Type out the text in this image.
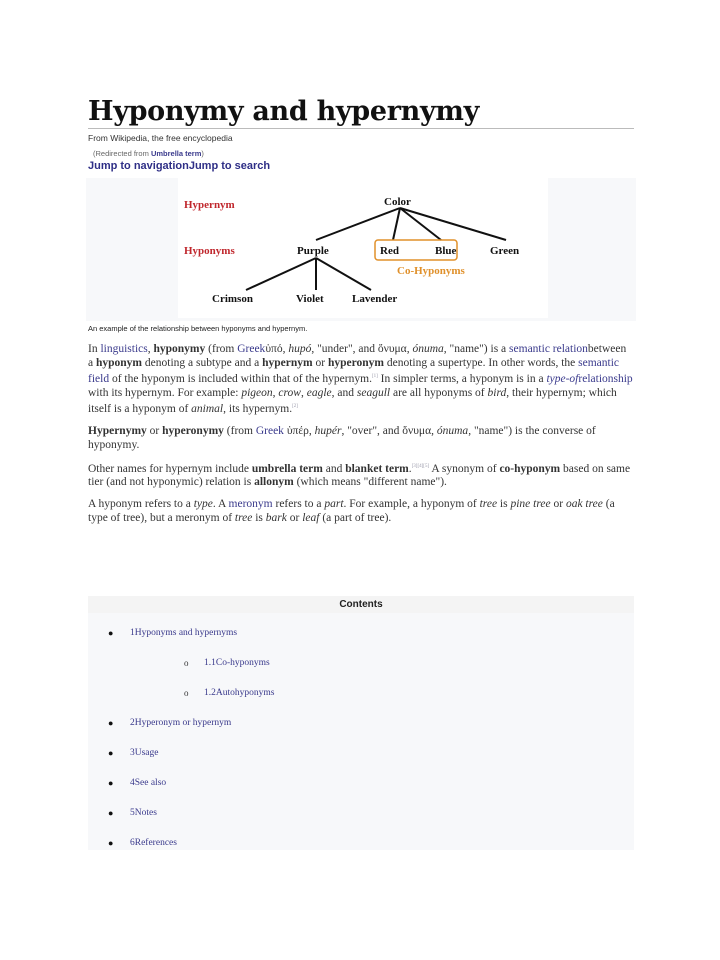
Hyponymy and hypernymy
From Wikipedia, the free encyclopedia
(Redirected from Umbrella term)
Jump to navigationJump to search
Hypernym
Hyponyms
Color
Purple	Red	Blue	Green
Co-Hyponyms
Crimson	Violet	Lavender
An example of the relationship between hyponyms and hypernym.

In linguistics, hyponymy (from Greekὑπό, hupó, "under", and ὄνυμα, ónuma, "name") is a semantic relationbetween a hyponym denoting a subtype and a hypernym or hyperonym denoting a supertype. In other words, the semantic field of the hyponym is included within that of the hypernym.[1] In simpler terms, a hyponym is in a type-ofrelationship with its hypernym. For example: pigeon, crow, eagle, and seagull are all hyponyms of bird, their hypernym; which itself is a hyponym of animal, its hypernym.[2]

Hypernymy or hyperonymy (from Greek ὑπέρ, hupér, "over", and ὄνυμα, ónuma, "name") is the converse of hyponymy.

Other names for hypernym include umbrella term and blanket term.[3][4][5] A synonym of co-hyponym based on same tier (and not hyponymic) relation is allonym (which means "different name").

A hyponym refers to a type. A meronym refers to a part. For example, a hyponym of tree is pine tree or oak tree (a type of tree), but a meronym of tree is bark or leaf (a part of tree).

Contents
● 1Hyponyms and hypernyms
o 1.1Co-hyponyms
o 1.2Autohyponyms
● 2Hyperonym or hypernym
● 3Usage
● 4See also
● 5Notes
● 6References
